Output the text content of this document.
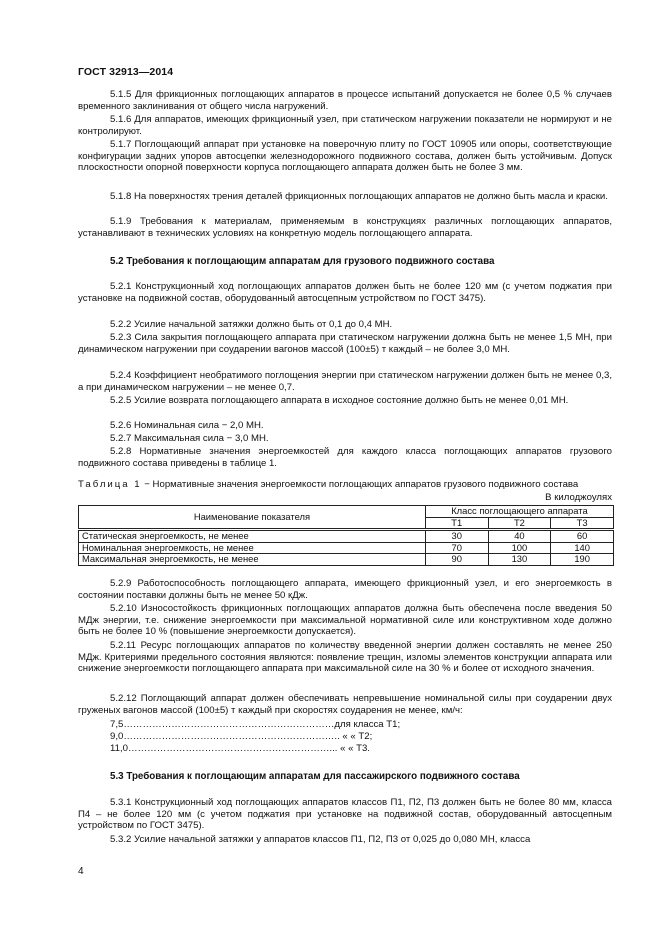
ГОСТ 32913—2014

5.1.5 Для фрикционных поглощающих аппаратов в процессе испытаний допускается не более 0,5 % случаев временного заклинивания от общего числа нагружений.

5.1.6 Для аппаратов, имеющих фрикционный узел, при статическом нагружении показатели не нормируют и не контролируют.

5.1.7 Поглощающий аппарат при установке на поверочную плиту по ГОСТ 10905 или опоры, соответствующие конфигурации задних упоров автосцепки железнодорожного подвижного состава, должен быть устойчивым. Допуск плоскостности опорной поверхности корпуса поглощающего аппарата должен быть не более 3 мм.

5.1.8 На поверхностях трения деталей фрикционных поглощающих аппаратов не должно быть масла и краски.

5.1.9 Требования к материалам, применяемым в конструкциях различных поглощающих аппаратов, устанавливают в технических условиях на конкретную модель поглощающего аппарата.

5.2 Требования к поглощающим аппаратам для грузового подвижного состава

5.2.1 Конструкционный ход поглощающих аппаратов должен быть не более 120 мм (с учетом поджатия при установке на подвижной состав, оборудованный автосцепным устройством по ГОСТ 3475).

5.2.2 Усилие начальной затяжки должно быть от 0,1 до 0,4 МН.

5.2.3 Сила закрытия поглощающего аппарата при статическом нагружении должна быть не менее 1,5 МН, при динамическом нагружении при соударении вагонов массой (100±5) т каждый – не более 3,0 МН.

5.2.4 Коэффициент необратимого поглощения энергии при статическом нагружении должен быть не менее 0,3, а при динамическом нагружении – не менее 0,7.

5.2.5 Усилие возврата поглощающего аппарата в исходное состояние должно быть не менее 0,01 МН.

5.2.6 Номинальная сила − 2,0 МН.

5.2.7 Максимальная сила − 3,0 МН.

5.2.8 Нормативные значения энергоемкостей для каждого класса поглощающих аппаратов грузового подвижного состава приведены в таблице 1.

Таблица 1 − Нормативные значения энергоемкости поглощающих аппаратов грузового подвижного состава

В килоджоулях
Наименование показателя	Класс поглощающего аппарата		
	Т1	Т2	Т3
Статическая энергоемкость, не менее	30	40	60
Номинальная энергоемкость, не менее	70	100	140
Максимальная энергоемкость, не менее	90	130	190

5.2.9 Работоспособность поглощающего аппарата, имеющего фрикционный узел, и его энергоемкость в состоянии поставки должны быть не менее 50 кДж.

5.2.10 Износостойкость фрикционных поглощающих аппаратов должна быть обеспечена после введения 50 МДж энергии, т.е. снижение энергоемкости при максимальной нормативной силе или конструктивном ходе должно быть не более 10 % (повышение энергоемкости допускается).

5.2.11 Ресурс поглощающих аппаратов по количеству введенной энергии должен составлять не менее 250 МДж. Критериями предельного состояния являются: появление трещин, изломы элементов конструкции аппарата или снижение энергоемкости поглощающего аппарата при максимальной силе на 30 % и более от исходного значения.

5.2.12 Поглощающий аппарат должен обеспечивать непревышение номинальной силы при соударении двух груженых вагонов массой (100±5) т каждый при скоростях соударения не менее, км/ч:

7,5…………………………………………………………для класса Т1;
9,0………………………………………………………….. « « Т2;
11,0………………………………………………………... « « Т3.

5.3 Требования к поглощающим аппаратам для пассажирского подвижного состава

5.3.1 Конструкционный ход поглощающих аппаратов классов П1, П2, П3 должен быть не более 80 мм, класса П4 – не более 120 мм (с учетом поджатия при установке на подвижной состав, оборудованный автосцепным устройством по ГОСТ 3475).

5.3.2 Усилие начальной затяжки у аппаратов классов П1, П2, П3 от 0,025 до 0,080 МН, класса

4
